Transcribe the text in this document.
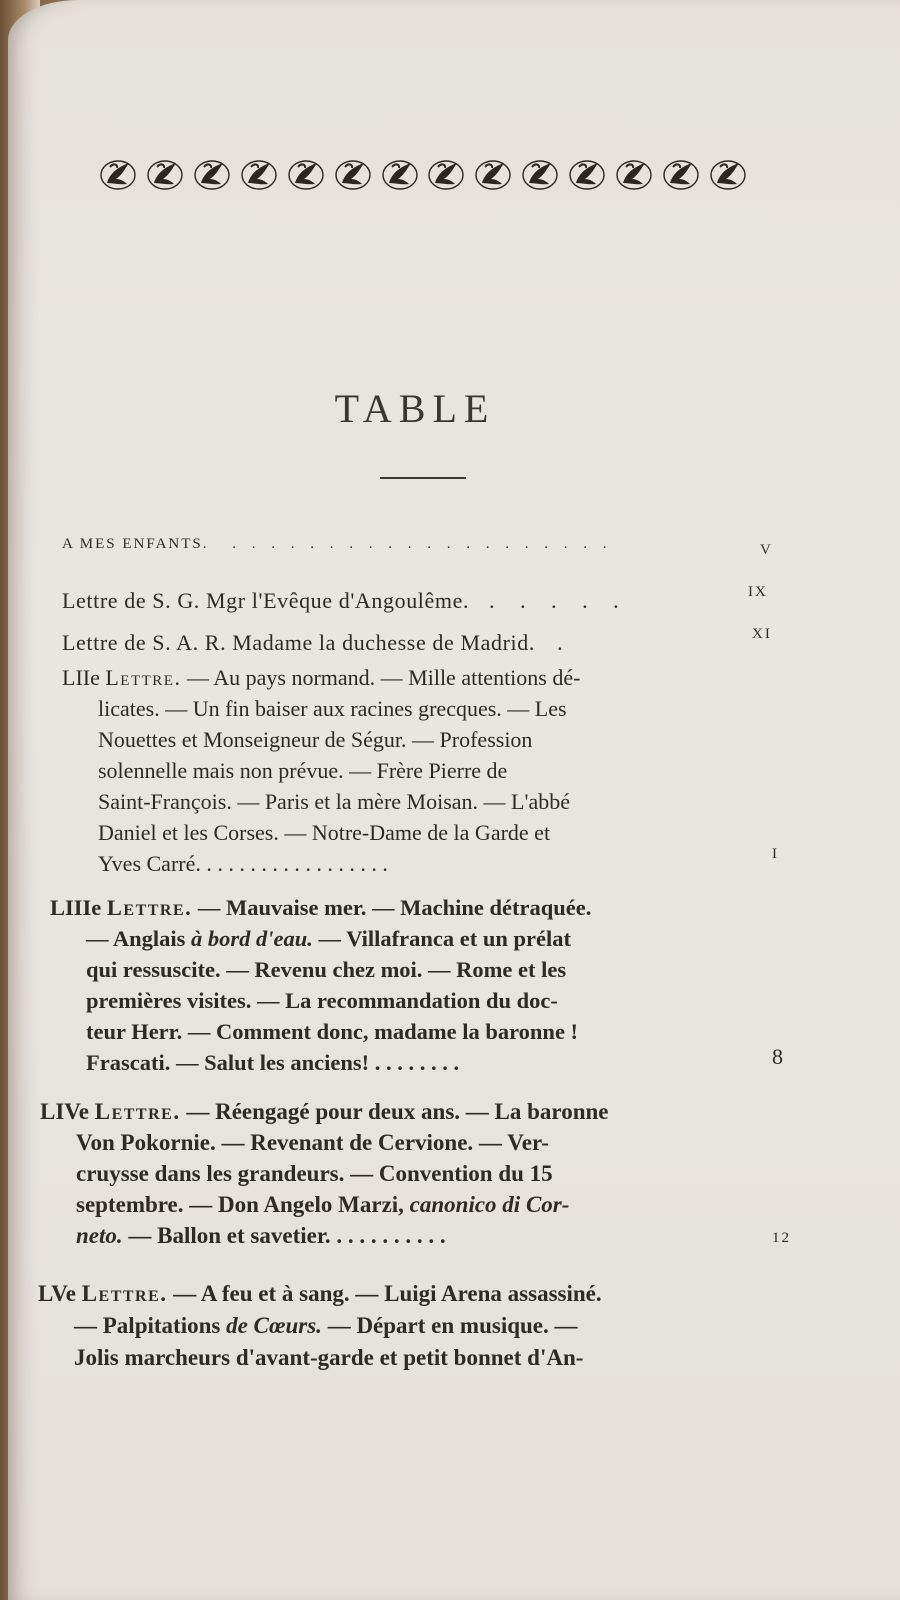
TABLE
A MES ENFANTS. . . . . . . . . . . . . . . . . . . . .	V
Lettre de S. G. Mgr l'Evêque d'Angoulême. . . . . .	IX
Lettre de S. A. R. Madame la duchesse de Madrid. .	XI
LIIe Lettre. — Au pays normand. — Mille attentions dé-
licates. — Un fin baiser aux racines grecques. — Les
Nouettes et Monseigneur de Ségur. — Profession
solennelle mais non prévue. — Frère Pierre de
Saint-François. — Paris et la mère Moisan. — L'abbé
Daniel et les Corses. — Notre-Dame de la Garde et
Yves Carré. . . . . . . . . . . . . . . . . .	I
LIIIe Lettre. — Mauvaise mer. — Machine détraquée.
— Anglais à bord d'eau. — Villafranca et un prélat
qui ressuscite. — Revenu chez moi. — Rome et les
premières visites. — La recommandation du doc-
teur Herr. — Comment donc, madame la baronne !
Frascati. — Salut les anciens! . . . . . . . .	8
LIVe Lettre. — Réengagé pour deux ans. — La baronne
Von Pokornie. — Revenant de Cervione. — Ver-
cruysse dans les grandeurs. — Convention du 15
septembre. — Don Angelo Marzi, canonico di Cor-
neto. — Ballon et savetier. . . . . . . . . . .	12
LVe Lettre. — A feu et à sang. — Luigi Arena assassiné.
— Palpitations de Cœurs. — Départ en musique. —
Jolis marcheurs d'avant-garde et petit bonnet d'An-
